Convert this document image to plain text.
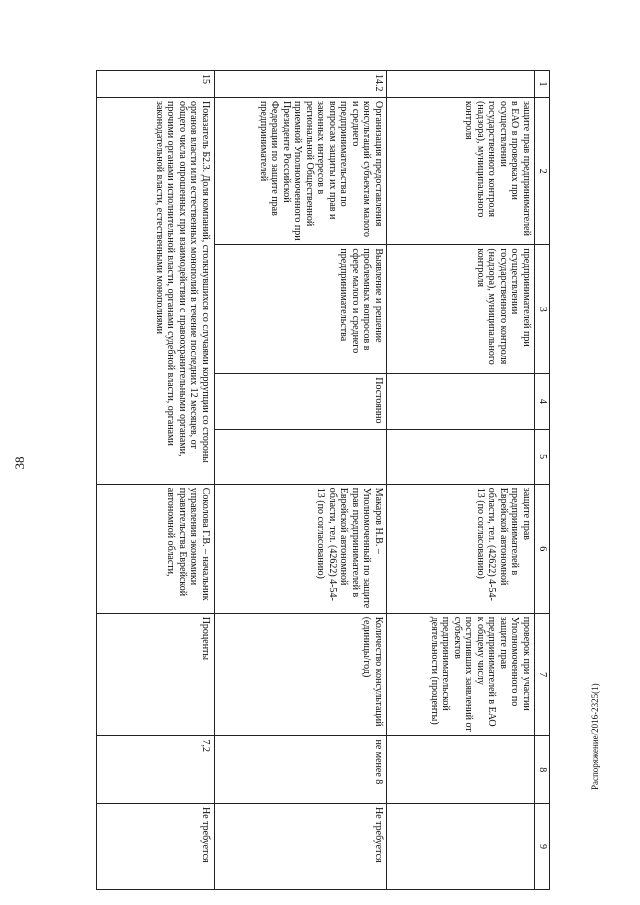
38
1	2	3	4	5	6	7	8	9
	защите прав предпринимателей в ЕАО в проверках при осуществлении государственного контроля (надзора), муниципального контроля	предпринимателей при осуществлении государственного контроля (надзора), муниципального контроля			защите прав предпринимателей в Еврейской автономной области, тел. (42622) 4-54-13 (по согласованию)	проверок при участии Уполномоченного по защите прав предпринимателей в ЕАО к общему числу поступивших заявлений от субъектов предпринимательской деятельности (проценты)		
14.2	Организация предоставления консультаций субъектам малого и среднего предпринимательства по вопросам защиты их прав и законных интересов в региональной Общественной приемной Уполномоченного при Президенте Российской Федерации по защите прав предпринимателей	Выявление и решение проблемных вопросов в сфере малого и среднего предпринимательства	Постоянно		Макаров Н.В. – Уполномоченный по защите прав предпринимателей в Еврейской автономной области, тел. (42622) 4-54-13 (по согласованию)	Количество консультаций (единицы/год)	не менее 8	Не требуется
15	Показатель Б2.3. Доля компаний, столкнувшихся со случаями коррупции со стороны органов власти или естественных монополий в течение последних 12 месяцев, от общего числа опрошенных при взаимодействии с правоохранительными органами, прочими органами исполнительной власти, органами судебной власти, органами законодательной власти, естественными монополиями				Соколова Г.В. – начальник управления экономики правительства Еврейской автономной области,	Проценты	7,2	Не требуется
Распоряжение/2016-2325(1)
